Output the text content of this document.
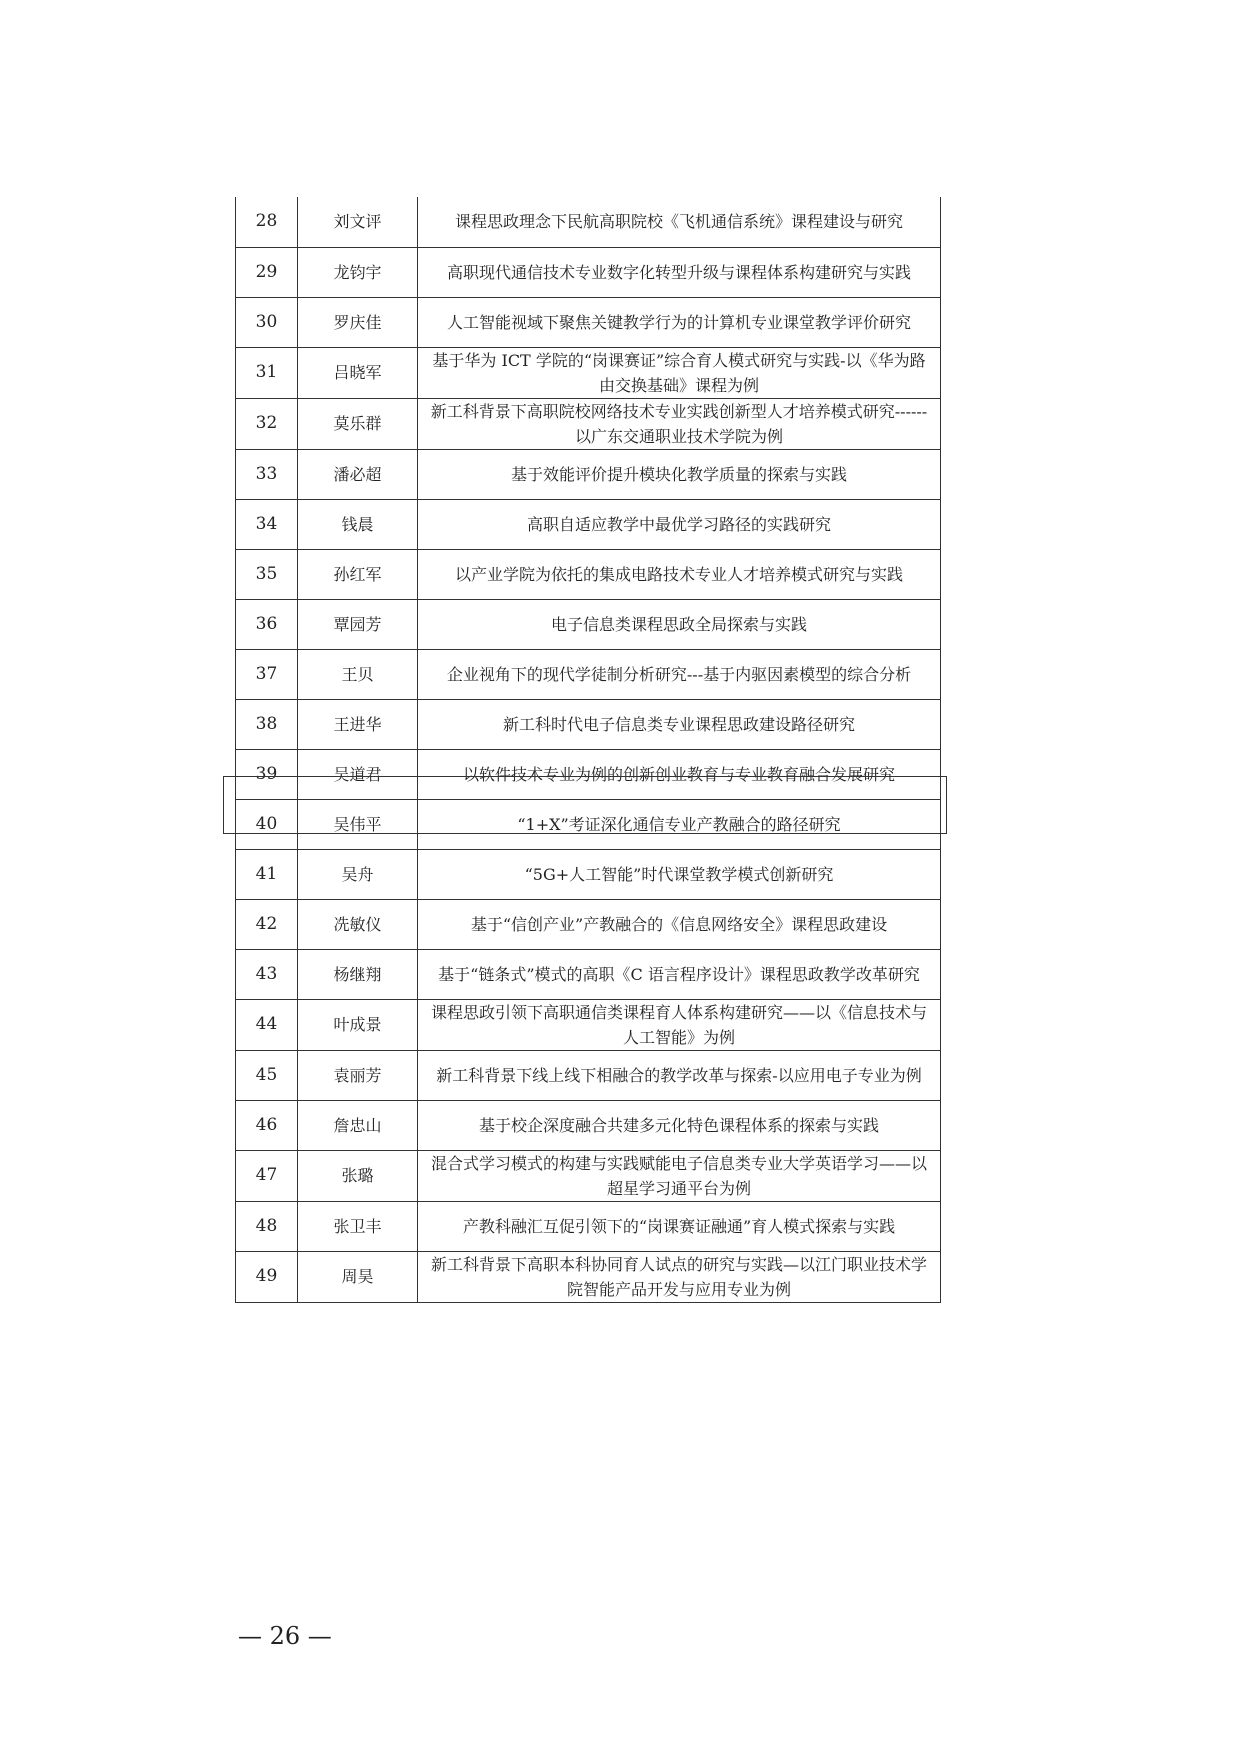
28	刘文评	课程思政理念下民航高职院校《飞机通信系统》课程建设与研究
29	龙钧宇	高职现代通信技术专业数字化转型升级与课程体系构建研究与实践
30	罗庆佳	人工智能视域下聚焦关键教学行为的计算机专业课堂教学评价研究
31	吕晓军	基于华为 ICT 学院的“岗课赛证”综合育人模式研究与实践-以《华为路由交换基础》课程为例
32	莫乐群	新工科背景下高职院校网络技术专业实践创新型人才培养模式研究------以广东交通职业技术学院为例
33	潘必超	基于效能评价提升模块化教学质量的探索与实践
34	钱晨	高职自适应教学中最优学习路径的实践研究
35	孙红军	以产业学院为依托的集成电路技术专业人才培养模式研究与实践
36	覃园芳	电子信息类课程思政全局探索与实践
37	王贝	企业视角下的现代学徒制分析研究---基于内驱因素模型的综合分析
38	王进华	新工科时代电子信息类专业课程思政建设路径研究
39	吴道君	以软件技术专业为例的创新创业教育与专业教育融合发展研究
40	吴伟平	“1+X”考证深化通信专业产教融合的路径研究
41	吴舟	“5G+人工智能”时代课堂教学模式创新研究
42	冼敏仪	基于“信创产业”产教融合的《信息网络安全》课程思政建设
43	杨继翔	基于“链条式”模式的高职《C 语言程序设计》课程思政教学改革研究
44	叶成景	课程思政引领下高职通信类课程育人体系构建研究——以《信息技术与人工智能》为例
45	袁丽芳	新工科背景下线上线下相融合的教学改革与探索-以应用电子专业为例
46	詹忠山	基于校企深度融合共建多元化特色课程体系的探索与实践
47	张璐	混合式学习模式的构建与实践赋能电子信息类专业大学英语学习——以超星学习通平台为例
48	张卫丰	产教科融汇互促引领下的“岗课赛证融通”育人模式探索与实践
49	周昊	新工科背景下高职本科协同育人试点的研究与实践—以江门职业技术学院智能产品开发与应用专业为例
— 26 —
